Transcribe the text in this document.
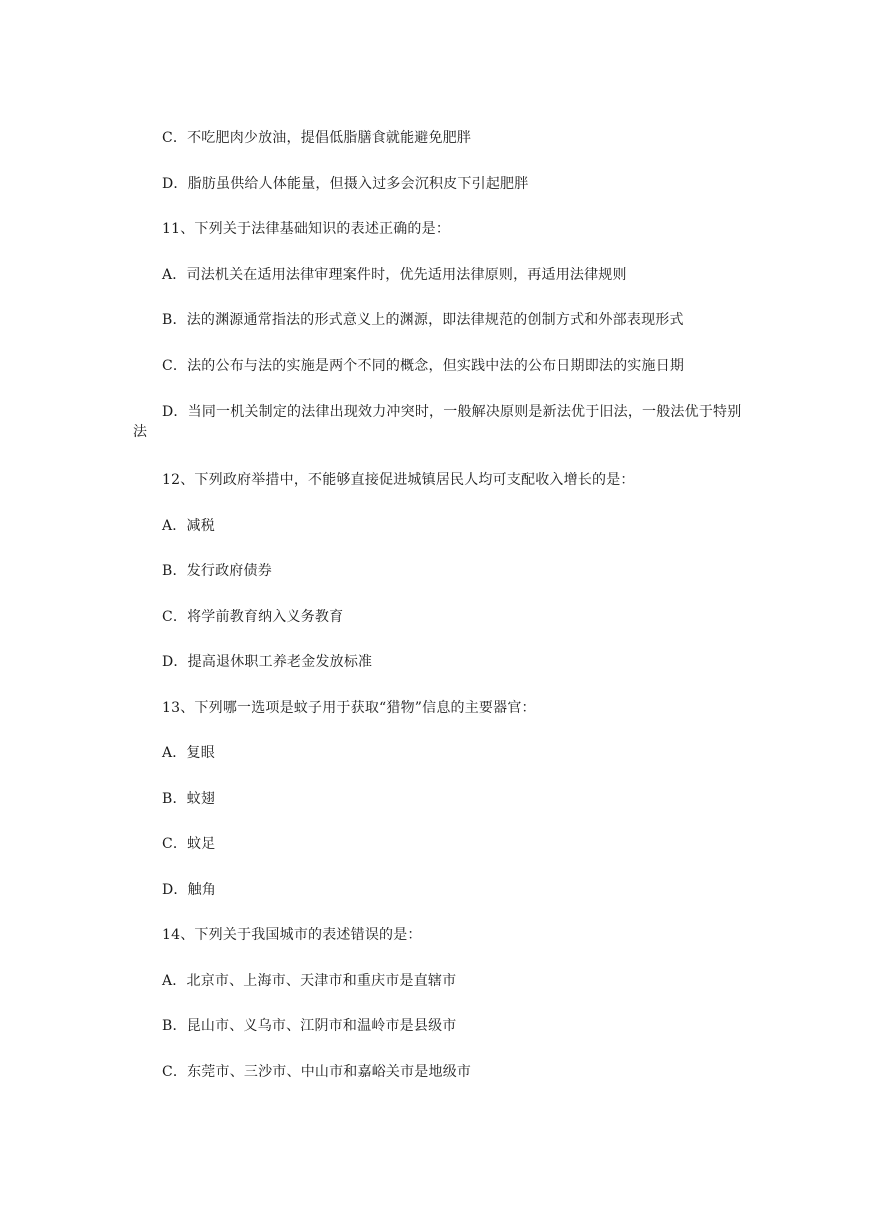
C．不吃肥肉少放油，提倡低脂膳食就能避免肥胖
D．脂肪虽供给人体能量，但摄入过多会沉积皮下引起肥胖
11、下列关于法律基础知识的表述正确的是：
A．司法机关在适用法律审理案件时，优先适用法律原则，再适用法律规则
B．法的渊源通常指法的形式意义上的渊源，即法律规范的创制方式和外部表现形式
C．法的公布与法的实施是两个不同的概念，但实践中法的公布日期即法的实施日期
D．当同一机关制定的法律出现效力冲突时，一般解决原则是新法优于旧法，一般法优于特别法
12、下列政府举措中，不能够直接促进城镇居民人均可支配收入增长的是：
A．减税
B．发行政府债券
C．将学前教育纳入义务教育
D．提高退休职工养老金发放标准
13、下列哪一选项是蚊子用于获取“猎物”信息的主要器官：
A．复眼
B．蚊翅
C．蚊足
D．触角
14、下列关于我国城市的表述错误的是：
A．北京市、上海市、天津市和重庆市是直辖市
B．昆山市、义乌市、江阴市和温岭市是县级市
C．东莞市、三沙市、中山市和嘉峪关市是地级市
